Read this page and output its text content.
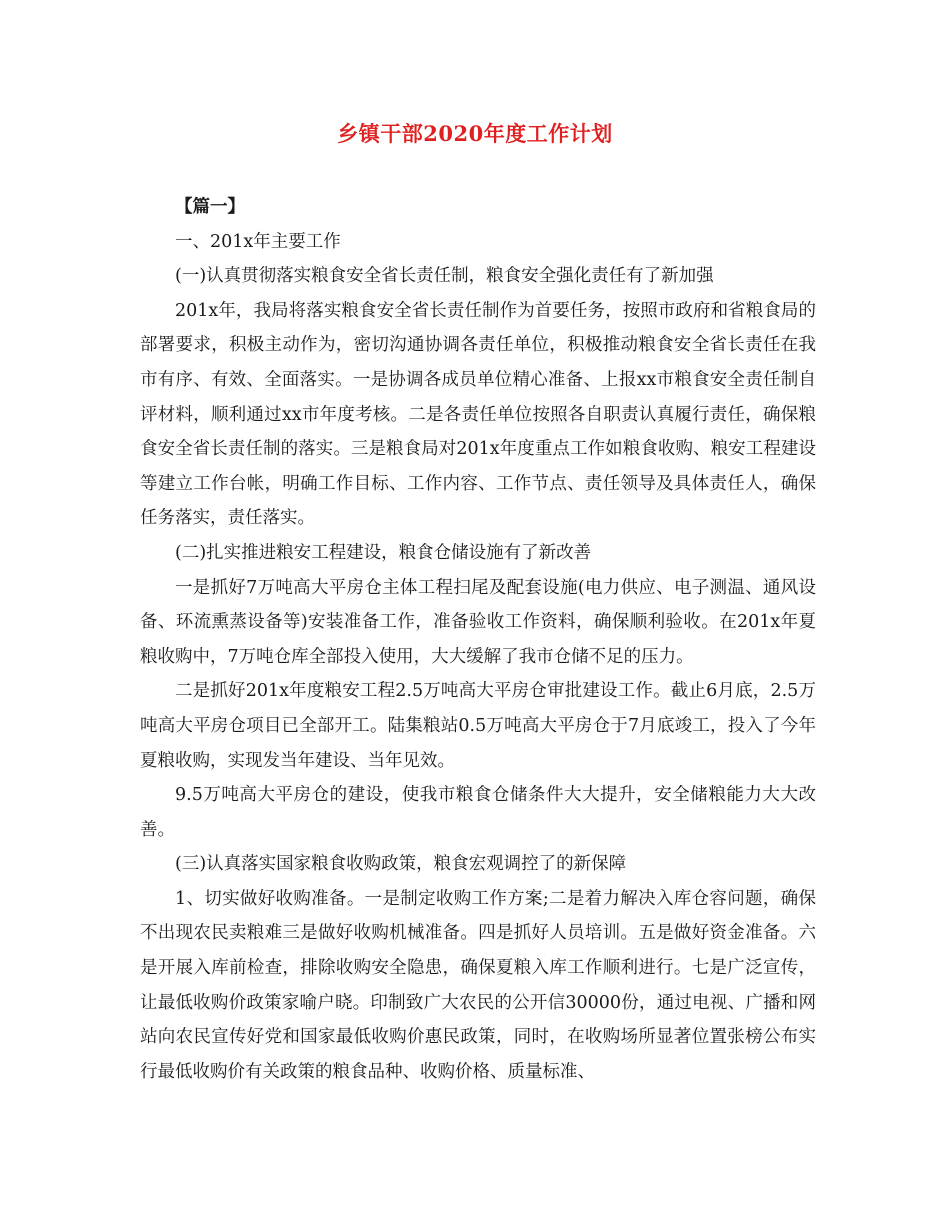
乡镇干部2020年度工作计划

【篇一】

一、201x年主要工作

(一)认真贯彻落实粮食安全省长责任制，粮食安全强化责任有了新加强

201x年，我局将落实粮食安全省长责任制作为首要任务，按照市政府和省粮食局的部署要求，积极主动作为，密切沟通协调各责任单位，积极推动粮食安全省长责任在我市有序、有效、全面落实。一是协调各成员单位精心准备、上报xx市粮食安全责任制自评材料，顺利通过xx市年度考核。二是各责任单位按照各自职责认真履行责任，确保粮食安全省长责任制的落实。三是粮食局对201x年度重点工作如粮食收购、粮安工程建设等建立工作台帐，明确工作目标、工作内容、工作节点、责任领导及具体责任人，确保任务落实，责任落实。

(二)扎实推进粮安工程建设，粮食仓储设施有了新改善

一是抓好7万吨高大平房仓主体工程扫尾及配套设施(电力供应、电子测温、通风设备、环流熏蒸设备等)安装准备工作，准备验收工作资料，确保顺利验收。在201x年夏粮收购中，7万吨仓库全部投入使用，大大缓解了我市仓储不足的压力。

二是抓好201x年度粮安工程2.5万吨高大平房仓审批建设工作。截止6月底，2.5万吨高大平房仓项目已全部开工。陆集粮站0.5万吨高大平房仓于7月底竣工，投入了今年夏粮收购，实现发当年建设、当年见效。

9.5万吨高大平房仓的建设，使我市粮食仓储条件大大提升，安全储粮能力大大改善。

(三)认真落实国家粮食收购政策，粮食宏观调控了的新保障

1、切实做好收购准备。一是制定收购工作方案;二是着力解决入库仓容问题，确保不出现农民卖粮难三是做好收购机械准备。四是抓好人员培训。五是做好资金准备。六是开展入库前检查，排除收购安全隐患，确保夏粮入库工作顺利进行。七是广泛宣传，让最低收购价政策家喻户晓。印制致广大农民的公开信30000份，通过电视、广播和网站向农民宣传好党和国家最低收购价惠民政策，同时，在收购场所显著位置张榜公布实行最低收购价有关政策的粮食品种、收购价格、质量标准、
